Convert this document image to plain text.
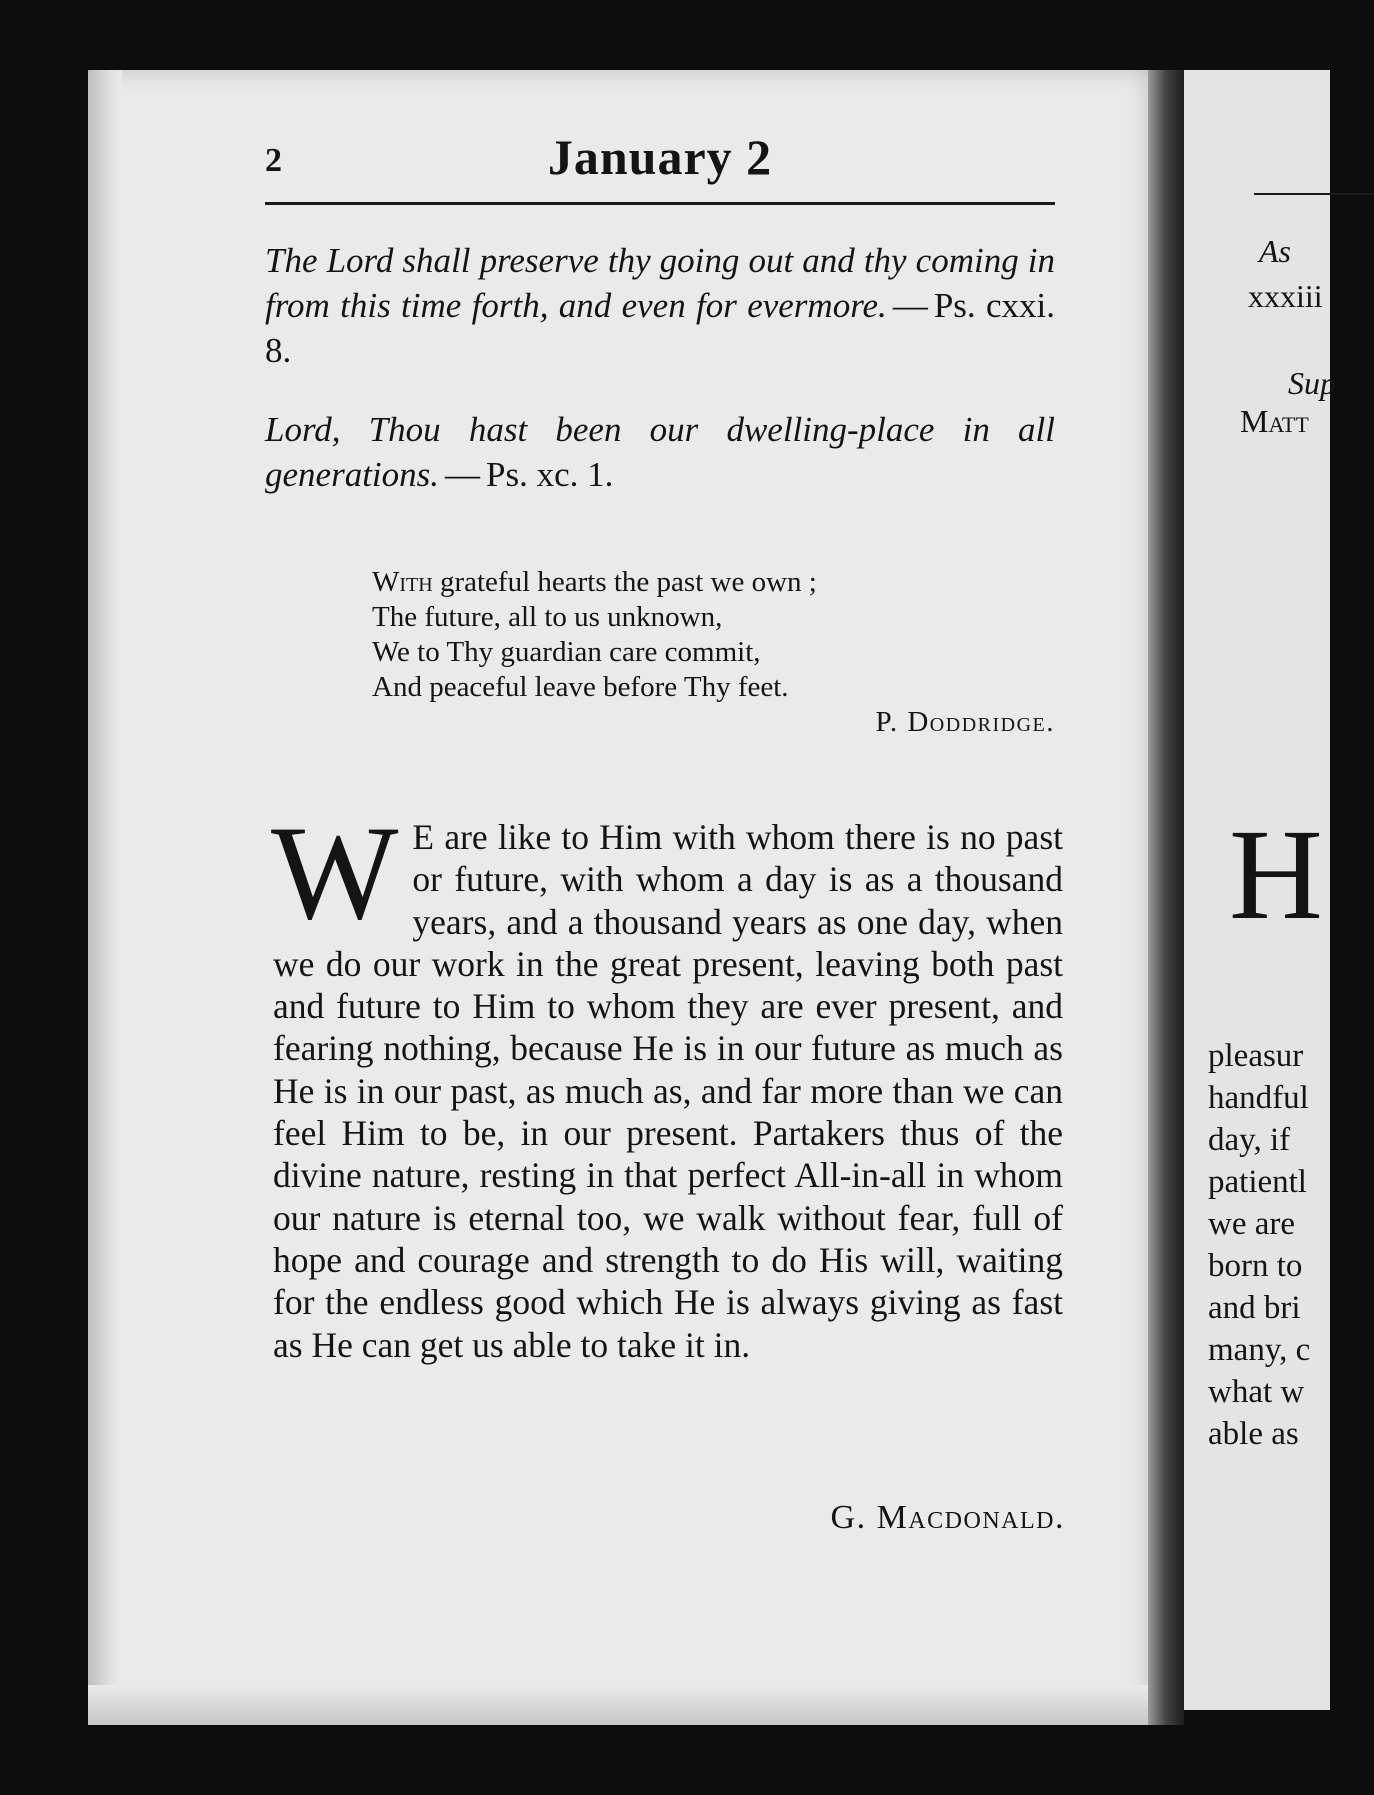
2	January 2
The Lord shall preserve thy going out and thy coming in from this time forth, and even for evermore. — Ps. cxxi. 8.
Lord, Thou hast been our dwelling-place in all generations. — Ps. xc. 1.
With grateful hearts the past we own ;
The future, all to us unknown,
We to Thy guardian care commit,
And peaceful leave before Thy feet.
P. Doddridge.
W E are like to Him with whom there is no past or future, with whom a day is as a thousand years, and a thousand years as one day, when we do our work in the great present, leaving both past and future to Him to whom they are ever present, and fearing nothing, because He is in our future as much as He is in our past, as much as, and far more than we can feel Him to be, in our present. Partakers thus of the divine nature, resting in that perfect All-in-all in whom our nature is eternal too, we walk without fear, full of hope and courage and strength to do His will, waiting for the endless good which He is always giving as fast as He can get us able to take it in.
G. Macdonald.
As
xxxiii
Sup
Matt
H
pleasur
handful
day, if
patientl
we are
born to
and bri
many, c
what w
able as
